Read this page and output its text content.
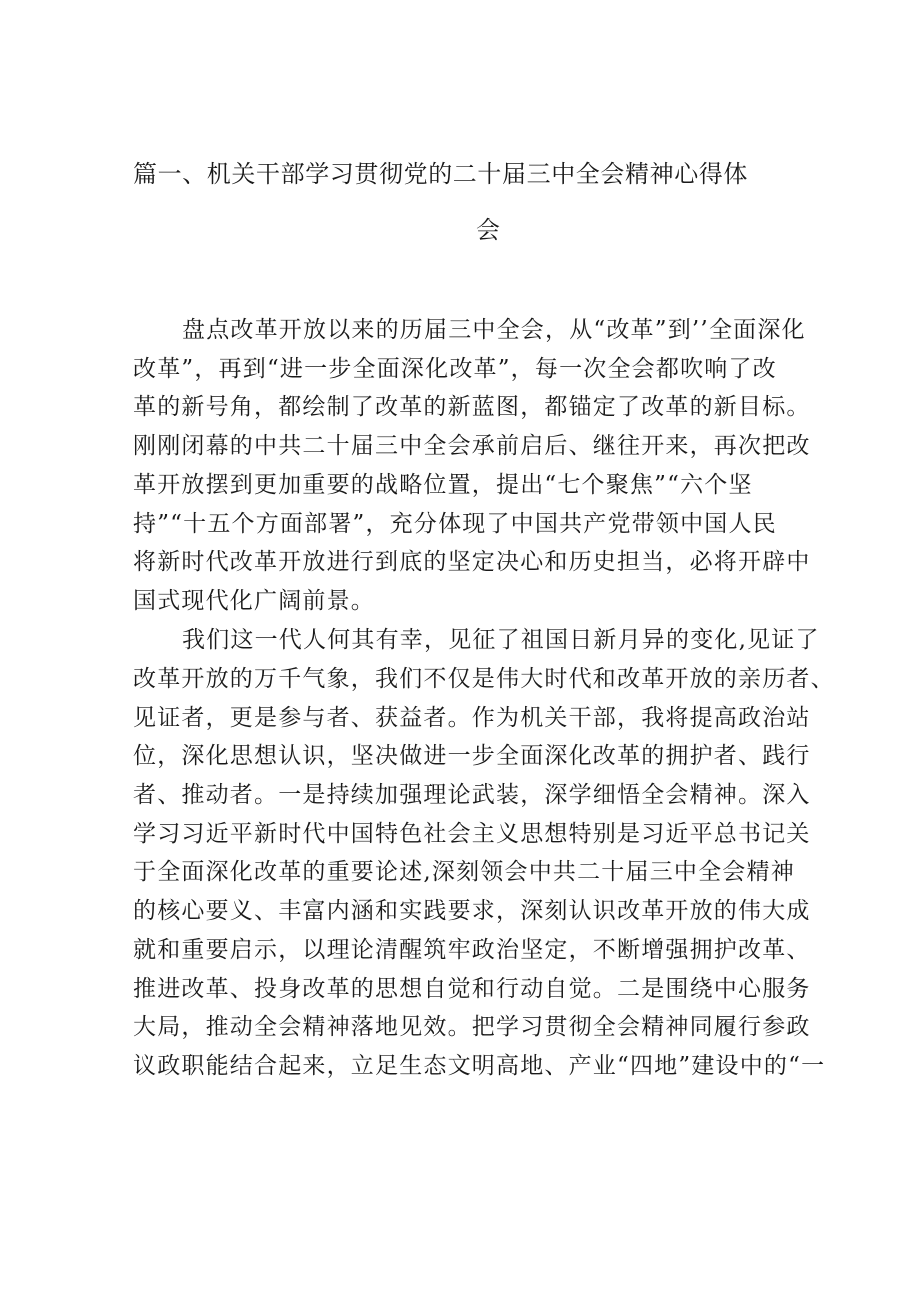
篇一、机关干部学习贯彻党的二十届三中全会精神心得体
会
盘点改革开放以来的历届三中全会，从“改革”到’’全面深化
改革”，再到“进一步全面深化改革”，每一次全会都吹响了改
革的新号角，都绘制了改革的新蓝图，都锚定了改革的新目标。
刚刚闭幕的中共二十届三中全会承前启后、继往开来，再次把改
革开放摆到更加重要的战略位置，提出“七个聚焦”“六个坚
持”“十五个方面部署”，充分体现了中国共产党带领中国人民
将新时代改革开放进行到底的坚定决心和历史担当，必将开辟中
国式现代化广阔前景。
我们这一代人何其有幸，见征了祖国日新月异的变化,见证了
改革开放的万千气象，我们不仅是伟大时代和改革开放的亲历者、
见证者，更是参与者、获益者。作为机关干部，我将提高政治站
位，深化思想认识，坚决做进一步全面深化改革的拥护者、践行
者、推动者。一是持续加强理论武装，深学细悟全会精神。深入
学习习近平新时代中国特色社会主义思想特别是习近平总书记关
于全面深化改革的重要论述,深刻领会中共二十届三中全会精神
的核心要义、丰富内涵和实践要求，深刻认识改革开放的伟大成
就和重要启示，以理论清醒筑牢政治坚定，不断增强拥护改革、
推进改革、投身改革的思想自觉和行动自觉。二是围绕中心服务
大局，推动全会精神落地见效。把学习贯彻全会精神同履行参政
议政职能结合起来，立足生态文明高地、产业“四地”建设中的“一
